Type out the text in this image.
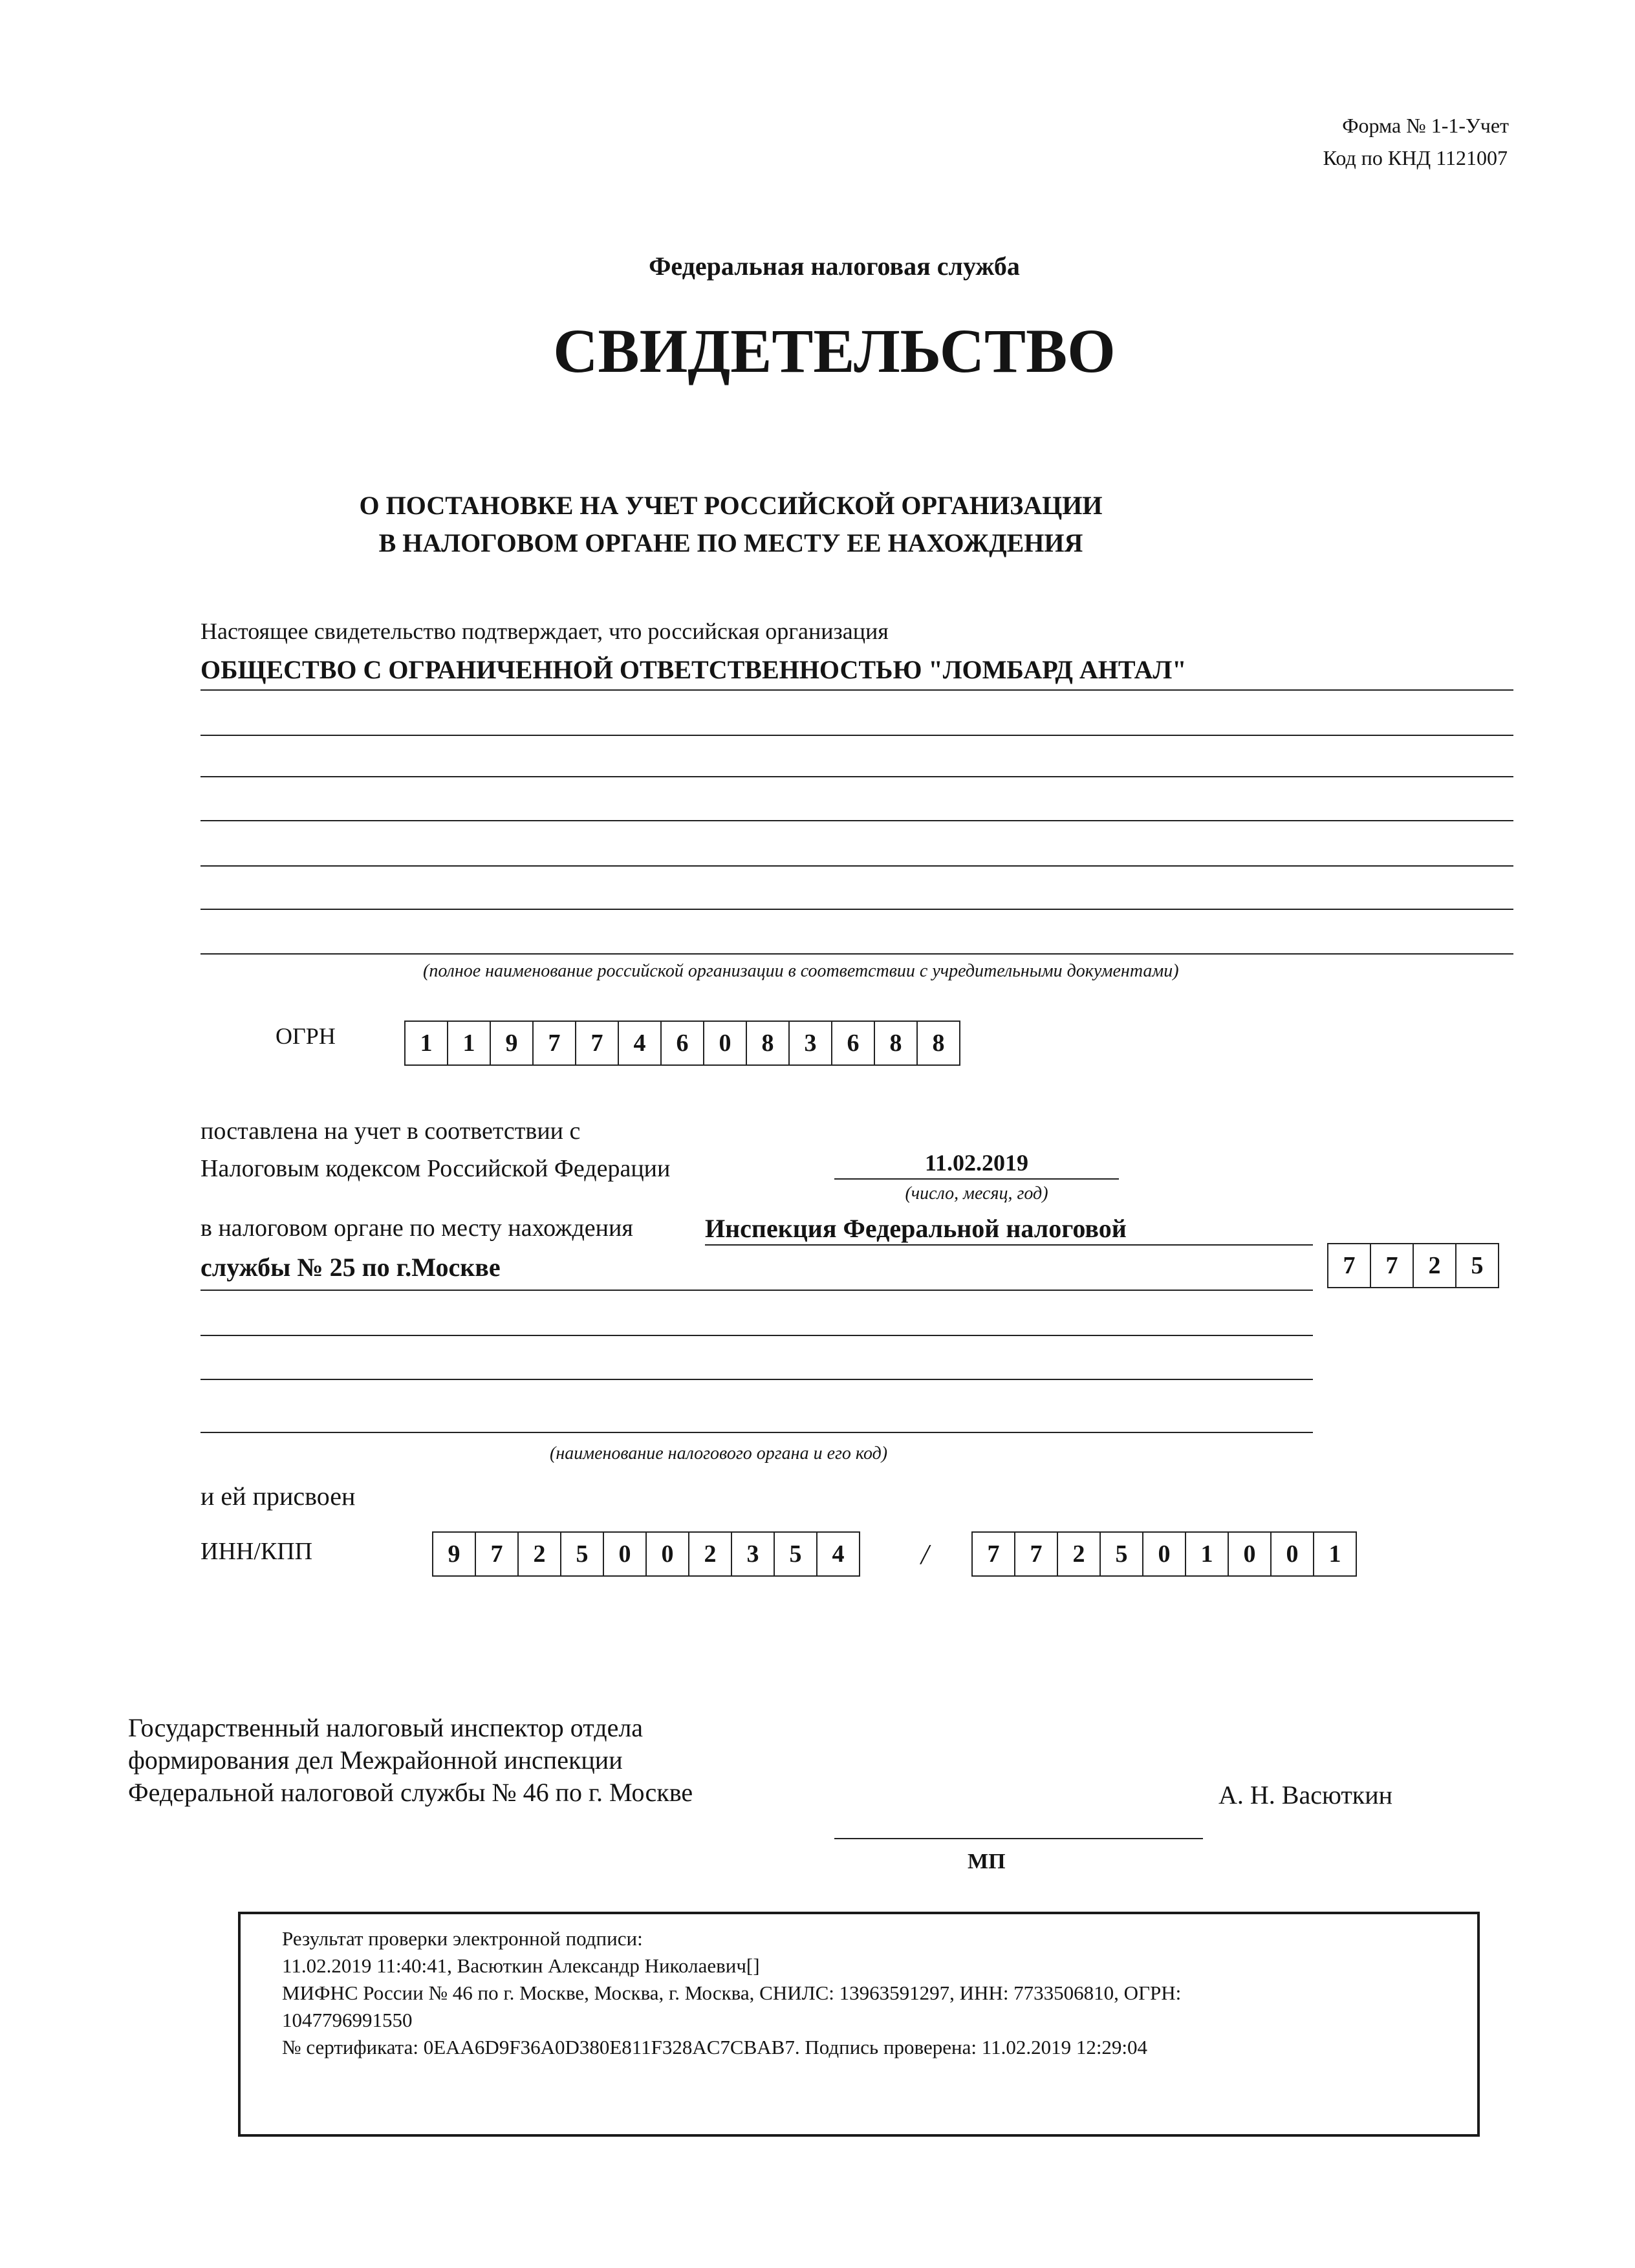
Форма № 1-1-Учет
Код по КНД 1121007
Федеральная налоговая служба
СВИДЕТЕЛЬСТВО
О ПОСТАНОВКЕ НА УЧЕТ РОССИЙСКОЙ ОРГАНИЗАЦИИ
В НАЛОГОВОМ ОРГАНЕ ПО МЕСТУ ЕЕ НАХОЖДЕНИЯ
Настоящее свидетельство подтверждает, что российская организация
ОБЩЕСТВО С ОГРАНИЧЕННОЙ ОТВЕТСТВЕННОСТЬЮ "ЛОМБАРД АНТАЛ"
(полное наименование российской организации в соответствии с учредительными документами)
ОГРН	1	1	9	7	7	4	6	0	8	3	6	8	8
поставлена на учет в соответствии с
Налоговым кодексом Российской Федерации	11.02.2019
(число, месяц, год)
в налоговом органе по месту нахождения	Инспекция Федеральной налоговой
службы № 25 по г.Москве	7	7	2	5
(наименование налогового органа и его код)
и ей присвоен
ИНН/КПП	9	7	2	5	0	0	2	3	5	4	/	7	7	2	5	0	1	0	0	1
Государственный налоговый инспектор отдела
формирования дел Межрайонной инспекции
Федеральной налоговой службы № 46 по г. Москве	А. Н. Васюткин
МП
Результат проверки электронной подписи:
11.02.2019 11:40:41, Васюткин Александр Николаевич[]
МИФНС России № 46 по г. Москве, Москва, г. Москва, СНИЛС: 13963591297, ИНН: 7733506810, ОГРН:
1047796991550
№ сертификата: 0EAA6D9F36A0D380E811F328AC7CBAB7. Подпись проверена: 11.02.2019 12:29:04
